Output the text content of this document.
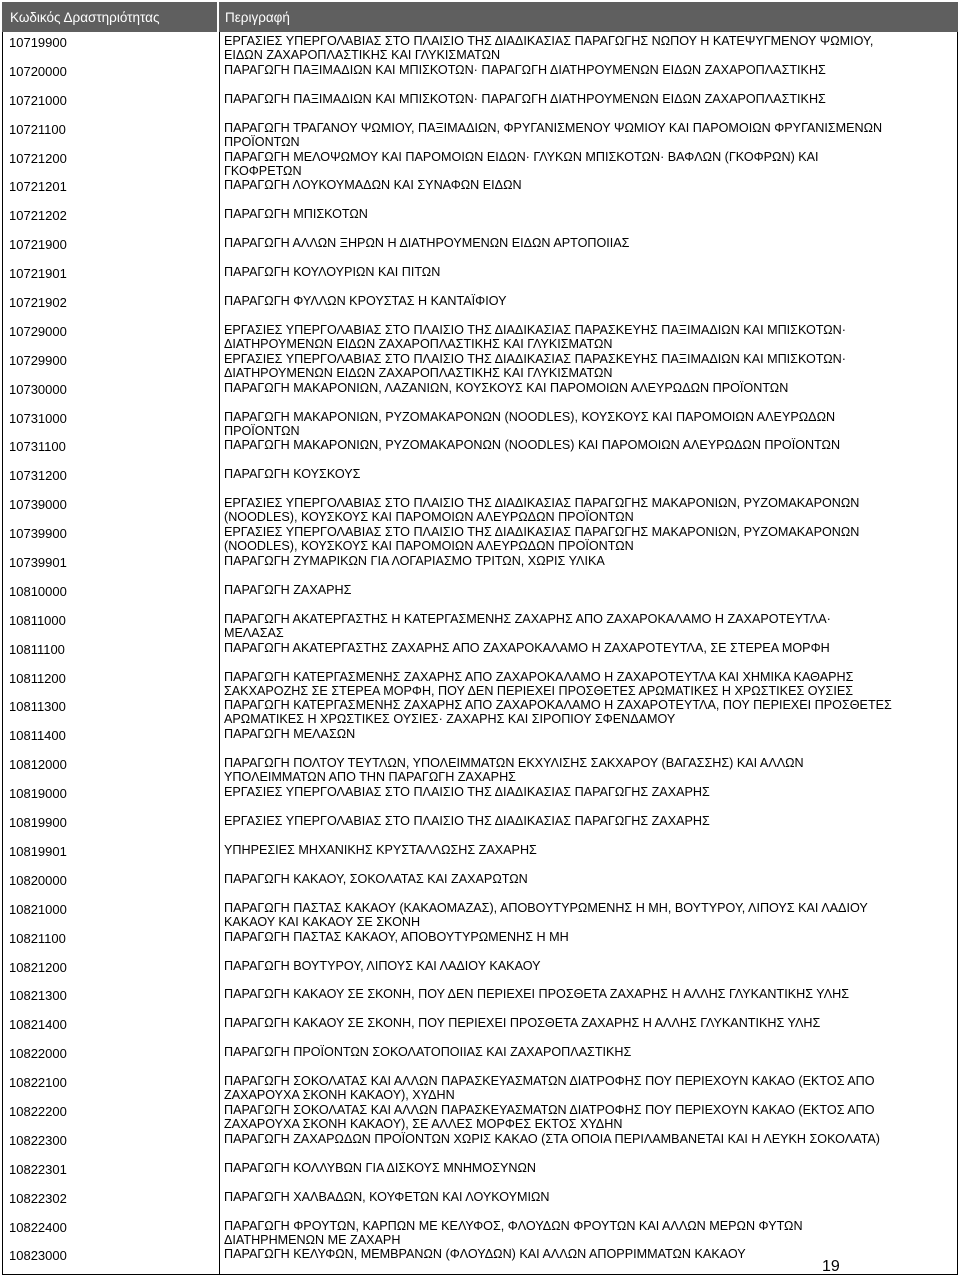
Κωδικός Δραστηριότητας	Περιγραφή
10719900	ΕΡΓΑΣΙΕΣ ΥΠΕΡΓΟΛΑΒΙΑΣ ΣΤΟ ΠΛΑΙΣΙΟ ΤΗΣ ΔΙΑΔΙΚΑΣΙΑΣ ΠΑΡΑΓΩΓΗΣ ΝΩΠΟΥ Η ΚΑΤΕΨΥΓΜΕΝΟΥ ΨΩΜΙΟΥ,
ΕΙΔΩΝ ΖΑΧΑΡΟΠΛΑΣΤΙΚΗΣ ΚΑΙ ΓΛΥΚΙΣΜΑΤΩΝ
10720000	ΠΑΡΑΓΩΓΗ ΠΑΞΙΜΑΔΙΩΝ ΚΑΙ ΜΠΙΣΚΟΤΩΝ· ΠΑΡΑΓΩΓΗ ΔΙΑΤΗΡΟΥΜΕΝΩΝ ΕΙΔΩΝ ΖΑΧΑΡΟΠΛΑΣΤΙΚΗΣ
10721000	ΠΑΡΑΓΩΓΗ ΠΑΞΙΜΑΔΙΩΝ ΚΑΙ ΜΠΙΣΚΟΤΩΝ· ΠΑΡΑΓΩΓΗ ΔΙΑΤΗΡΟΥΜΕΝΩΝ ΕΙΔΩΝ ΖΑΧΑΡΟΠΛΑΣΤΙΚΗΣ
10721100	ΠΑΡΑΓΩΓΗ ΤΡΑΓΑΝΟΥ ΨΩΜΙΟΥ, ΠΑΞΙΜΑΔΙΩΝ, ΦΡΥΓΑΝΙΣΜΕΝΟΥ ΨΩΜΙΟΥ ΚΑΙ ΠΑΡΟΜΟΙΩΝ ΦΡΥΓΑΝΙΣΜΕΝΩΝ
ΠΡΟΪΟΝΤΩΝ
10721200	ΠΑΡΑΓΩΓΗ ΜΕΛΟΨΩΜΟΥ ΚΑΙ ΠΑΡΟΜΟΙΩΝ ΕΙΔΩΝ· ΓΛΥΚΩΝ ΜΠΙΣΚΟΤΩΝ· ΒΑΦΛΩΝ (ΓΚΟΦΡΩΝ) ΚΑΙ
ΓΚΟΦΡΕΤΩΝ
10721201	ΠΑΡΑΓΩΓΗ ΛΟΥΚΟΥΜΑΔΩΝ ΚΑΙ ΣΥΝΑΦΩΝ ΕΙΔΩΝ
10721202	ΠΑΡΑΓΩΓΗ ΜΠΙΣΚΟΤΩΝ
10721900	ΠΑΡΑΓΩΓΗ ΑΛΛΩΝ ΞΗΡΩΝ Η ΔΙΑΤΗΡΟΥΜΕΝΩΝ ΕΙΔΩΝ ΑΡΤΟΠΟΙΙΑΣ
10721901	ΠΑΡΑΓΩΓΗ ΚΟΥΛΟΥΡΙΩΝ ΚΑΙ ΠΙΤΩΝ
10721902	ΠΑΡΑΓΩΓΗ ΦΥΛΛΩΝ ΚΡΟΥΣΤΑΣ Η ΚΑΝΤΑΪΦΙΟΥ
10729000	ΕΡΓΑΣΙΕΣ ΥΠΕΡΓΟΛΑΒΙΑΣ ΣΤΟ ΠΛΑΙΣΙΟ ΤΗΣ ΔΙΑΔΙΚΑΣΙΑΣ ΠΑΡΑΣΚΕΥΗΣ ΠΑΞΙΜΑΔΙΩΝ ΚΑΙ ΜΠΙΣΚΟΤΩΝ·
ΔΙΑΤΗΡΟΥΜΕΝΩΝ ΕΙΔΩΝ ΖΑΧΑΡΟΠΛΑΣΤΙΚΗΣ ΚΑΙ ΓΛΥΚΙΣΜΑΤΩΝ
10729900	ΕΡΓΑΣΙΕΣ ΥΠΕΡΓΟΛΑΒΙΑΣ ΣΤΟ ΠΛΑΙΣΙΟ ΤΗΣ ΔΙΑΔΙΚΑΣΙΑΣ ΠΑΡΑΣΚΕΥΗΣ ΠΑΞΙΜΑΔΙΩΝ ΚΑΙ ΜΠΙΣΚΟΤΩΝ·
ΔΙΑΤΗΡΟΥΜΕΝΩΝ ΕΙΔΩΝ ΖΑΧΑΡΟΠΛΑΣΤΙΚΗΣ ΚΑΙ ΓΛΥΚΙΣΜΑΤΩΝ
10730000	ΠΑΡΑΓΩΓΗ ΜΑΚΑΡΟΝΙΩΝ, ΛΑΖΑΝΙΩΝ, ΚΟΥΣΚΟΥΣ ΚΑΙ ΠΑΡΟΜΟΙΩΝ ΑΛΕΥΡΩΔΩΝ ΠΡΟΪΟΝΤΩΝ
10731000	ΠΑΡΑΓΩΓΗ ΜΑΚΑΡΟΝΙΩΝ, ΡΥΖΟΜΑΚΑΡΟΝΩΝ (NOODLES), ΚΟΥΣΚΟΥΣ ΚΑΙ ΠΑΡΟΜΟΙΩΝ ΑΛΕΥΡΩΔΩΝ
ΠΡΟΪΟΝΤΩΝ
10731100	ΠΑΡΑΓΩΓΗ ΜΑΚΑΡΟΝΙΩΝ, ΡΥΖΟΜΑΚΑΡΟΝΩΝ (NOODLES) ΚΑΙ ΠΑΡΟΜΟΙΩΝ ΑΛΕΥΡΩΔΩΝ ΠΡΟΪΟΝΤΩΝ
10731200	ΠΑΡΑΓΩΓΗ ΚΟΥΣΚΟΥΣ
10739000	ΕΡΓΑΣΙΕΣ ΥΠΕΡΓΟΛΑΒΙΑΣ ΣΤΟ ΠΛΑΙΣΙΟ ΤΗΣ ΔΙΑΔΙΚΑΣΙΑΣ ΠΑΡΑΓΩΓΗΣ ΜΑΚΑΡΟΝΙΩΝ, ΡΥΖΟΜΑΚΑΡΟΝΩΝ
(NOODLES), ΚΟΥΣΚΟΥΣ ΚΑΙ ΠΑΡΟΜΟΙΩΝ ΑΛΕΥΡΩΔΩΝ ΠΡΟΪΟΝΤΩΝ
10739900	ΕΡΓΑΣΙΕΣ ΥΠΕΡΓΟΛΑΒΙΑΣ ΣΤΟ ΠΛΑΙΣΙΟ ΤΗΣ ΔΙΑΔΙΚΑΣΙΑΣ ΠΑΡΑΓΩΓΗΣ ΜΑΚΑΡΟΝΙΩΝ, ΡΥΖΟΜΑΚΑΡΟΝΩΝ
(NOODLES), ΚΟΥΣΚΟΥΣ ΚΑΙ ΠΑΡΟΜΟΙΩΝ ΑΛΕΥΡΩΔΩΝ ΠΡΟΪΟΝΤΩΝ
10739901	ΠΑΡΑΓΩΓΗ ΖΥΜΑΡΙΚΩΝ ΓΙΑ ΛΟΓΑΡΙΑΣΜΟ ΤΡΙΤΩΝ, ΧΩΡΙΣ ΥΛΙΚΑ
10810000	ΠΑΡΑΓΩΓΗ ΖΑΧΑΡΗΣ
10811000	ΠΑΡΑΓΩΓΗ ΑΚΑΤΕΡΓΑΣΤΗΣ Η ΚΑΤΕΡΓΑΣΜΕΝΗΣ ΖΑΧΑΡΗΣ ΑΠΟ ΖΑΧΑΡΟΚΑΛΑΜΟ Η ΖΑΧΑΡΟΤΕΥΤΛΑ·
ΜΕΛΑΣΑΣ
10811100	ΠΑΡΑΓΩΓΗ ΑΚΑΤΕΡΓΑΣΤΗΣ ΖΑΧΑΡΗΣ ΑΠΟ ΖΑΧΑΡΟΚΑΛΑΜΟ Η ΖΑΧΑΡΟΤΕΥΤΛΑ, ΣΕ ΣΤΕΡΕΑ ΜΟΡΦΗ
10811200	ΠΑΡΑΓΩΓΗ ΚΑΤΕΡΓΑΣΜΕΝΗΣ ΖΑΧΑΡΗΣ ΑΠΟ ΖΑΧΑΡΟΚΑΛΑΜΟ Η ΖΑΧΑΡΟΤΕΥΤΛΑ ΚΑΙ ΧΗΜΙΚΑ ΚΑΘΑΡΗΣ
ΣΑΚΧΑΡΟΖΗΣ ΣΕ ΣΤΕΡΕΑ ΜΟΡΦΗ, ΠΟΥ ΔΕΝ ΠΕΡΙΕΧΕΙ ΠΡΟΣΘΕΤΕΣ ΑΡΩΜΑΤΙΚΕΣ Η ΧΡΩΣΤΙΚΕΣ ΟΥΣΙΕΣ
10811300	ΠΑΡΑΓΩΓΗ ΚΑΤΕΡΓΑΣΜΕΝΗΣ ΖΑΧΑΡΗΣ ΑΠΟ ΖΑΧΑΡΟΚΑΛΑΜΟ Η ΖΑΧΑΡΟΤΕΥΤΛΑ, ΠΟΥ ΠΕΡΙΕΧΕΙ ΠΡΟΣΘΕΤΕΣ
ΑΡΩΜΑΤΙΚΕΣ Η ΧΡΩΣΤΙΚΕΣ ΟΥΣΙΕΣ· ΖΑΧΑΡΗΣ ΚΑΙ ΣΙΡΟΠΙΟΥ ΣΦΕΝΔΑΜΟΥ
10811400	ΠΑΡΑΓΩΓΗ ΜΕΛΑΣΩΝ
10812000	ΠΑΡΑΓΩΓΗ ΠΟΛΤΟΥ ΤΕΥΤΛΩΝ, ΥΠΟΛΕΙΜΜΑΤΩΝ ΕΚΧΥΛΙΣΗΣ ΣΑΚΧΑΡΟΥ (ΒΑΓΑΣΣΗΣ) ΚΑΙ ΑΛΛΩΝ
ΥΠΟΛΕΙΜΜΑΤΩΝ ΑΠΟ ΤΗΝ ΠΑΡΑΓΩΓΗ ΖΑΧΑΡΗΣ
10819000	ΕΡΓΑΣΙΕΣ ΥΠΕΡΓΟΛΑΒΙΑΣ ΣΤΟ ΠΛΑΙΣΙΟ ΤΗΣ ΔΙΑΔΙΚΑΣΙΑΣ ΠΑΡΑΓΩΓΗΣ ΖΑΧΑΡΗΣ
10819900	ΕΡΓΑΣΙΕΣ ΥΠΕΡΓΟΛΑΒΙΑΣ ΣΤΟ ΠΛΑΙΣΙΟ ΤΗΣ ΔΙΑΔΙΚΑΣΙΑΣ ΠΑΡΑΓΩΓΗΣ ΖΑΧΑΡΗΣ
10819901	ΥΠΗΡΕΣΙΕΣ ΜΗΧΑΝΙΚΗΣ ΚΡΥΣΤΑΛΛΩΣΗΣ ΖΑΧΑΡΗΣ
10820000	ΠΑΡΑΓΩΓΗ ΚΑΚΑΟΥ, ΣΟΚΟΛΑΤΑΣ ΚΑΙ ΖΑΧΑΡΩΤΩΝ
10821000	ΠΑΡΑΓΩΓΗ ΠΑΣΤΑΣ ΚΑΚΑΟΥ (ΚΑΚΑΟΜΑΖΑΣ), ΑΠΟΒΟΥΤΥΡΩΜΕΝΗΣ Η ΜΗ, ΒΟΥΤΥΡΟΥ, ΛΙΠΟΥΣ ΚΑΙ ΛΑΔΙΟΥ
ΚΑΚΑΟΥ ΚΑΙ ΚΑΚΑΟΥ ΣΕ ΣΚΟΝΗ
10821100	ΠΑΡΑΓΩΓΗ ΠΑΣΤΑΣ ΚΑΚΑΟΥ, ΑΠΟΒΟΥΤΥΡΩΜΕΝΗΣ Η ΜΗ
10821200	ΠΑΡΑΓΩΓΗ ΒΟΥΤΥΡΟΥ, ΛΙΠΟΥΣ ΚΑΙ ΛΑΔΙΟΥ ΚΑΚΑΟΥ
10821300	ΠΑΡΑΓΩΓΗ ΚΑΚΑΟΥ ΣΕ ΣΚΟΝΗ, ΠΟΥ ΔΕΝ ΠΕΡΙΕΧΕΙ ΠΡΟΣΘΕΤΑ ΖΑΧΑΡΗΣ Η ΑΛΛΗΣ ΓΛΥΚΑΝΤΙΚΗΣ ΥΛΗΣ
10821400	ΠΑΡΑΓΩΓΗ ΚΑΚΑΟΥ ΣΕ ΣΚΟΝΗ, ΠΟΥ ΠΕΡΙΕΧΕΙ ΠΡΟΣΘΕΤΑ ΖΑΧΑΡΗΣ Η ΑΛΛΗΣ ΓΛΥΚΑΝΤΙΚΗΣ ΥΛΗΣ
10822000	ΠΑΡΑΓΩΓΗ ΠΡΟΪΟΝΤΩΝ ΣΟΚΟΛΑΤΟΠΟΙΙΑΣ ΚΑΙ ΖΑΧΑΡΟΠΛΑΣΤΙΚΗΣ
10822100	ΠΑΡΑΓΩΓΗ ΣΟΚΟΛΑΤΑΣ ΚΑΙ ΑΛΛΩΝ ΠΑΡΑΣΚΕΥΑΣΜΑΤΩΝ ΔΙΑΤΡΟΦΗΣ ΠΟΥ ΠΕΡΙΕΧΟΥΝ ΚΑΚΑΟ (ΕΚΤΟΣ ΑΠΟ
ΖΑΧΑΡΟΥΧΑ ΣΚΟΝΗ ΚΑΚΑΟΥ), ΧΥΔΗΝ
10822200	ΠΑΡΑΓΩΓΗ ΣΟΚΟΛΑΤΑΣ ΚΑΙ ΑΛΛΩΝ ΠΑΡΑΣΚΕΥΑΣΜΑΤΩΝ ΔΙΑΤΡΟΦΗΣ ΠΟΥ ΠΕΡΙΕΧΟΥΝ ΚΑΚΑΟ (ΕΚΤΟΣ ΑΠΟ
ΖΑΧΑΡΟΥΧΑ ΣΚΟΝΗ ΚΑΚΑΟΥ), ΣΕ ΑΛΛΕΣ ΜΟΡΦΕΣ ΕΚΤΟΣ ΧΥΔΗΝ
10822300	ΠΑΡΑΓΩΓΗ ΖΑΧΑΡΩΔΩΝ ΠΡΟΪΟΝΤΩΝ ΧΩΡΙΣ ΚΑΚΑΟ (ΣΤΑ ΟΠΟΙΑ ΠΕΡΙΛΑΜΒΑΝΕΤΑΙ ΚΑΙ Η ΛΕΥΚΗ ΣΟΚΟΛΑΤΑ)
10822301	ΠΑΡΑΓΩΓΗ ΚΟΛΛΥΒΩΝ ΓΙΑ ΔΙΣΚΟΥΣ ΜΝΗΜΟΣΥΝΩΝ
10822302	ΠΑΡΑΓΩΓΗ ΧΑΛΒΑΔΩΝ, ΚΟΥΦΕΤΩΝ ΚΑΙ ΛΟΥΚΟΥΜΙΩΝ
10822400	ΠΑΡΑΓΩΓΗ ΦΡΟΥΤΩΝ, ΚΑΡΠΩΝ ΜΕ ΚΕΛΥΦΟΣ, ΦΛΟΥΔΩΝ ΦΡΟΥΤΩΝ ΚΑΙ ΑΛΛΩΝ ΜΕΡΩΝ ΦΥΤΩΝ
ΔΙΑΤΗΡΗΜΕΝΩΝ ΜΕ ΖΑΧΑΡΗ
10823000	ΠΑΡΑΓΩΓΗ ΚΕΛΥΦΩΝ, ΜΕΜΒΡΑΝΩΝ (ΦΛΟΥΔΩΝ) ΚΑΙ ΑΛΛΩΝ ΑΠΟΡΡΙΜΜΑΤΩΝ ΚΑΚΑΟΥ
19
